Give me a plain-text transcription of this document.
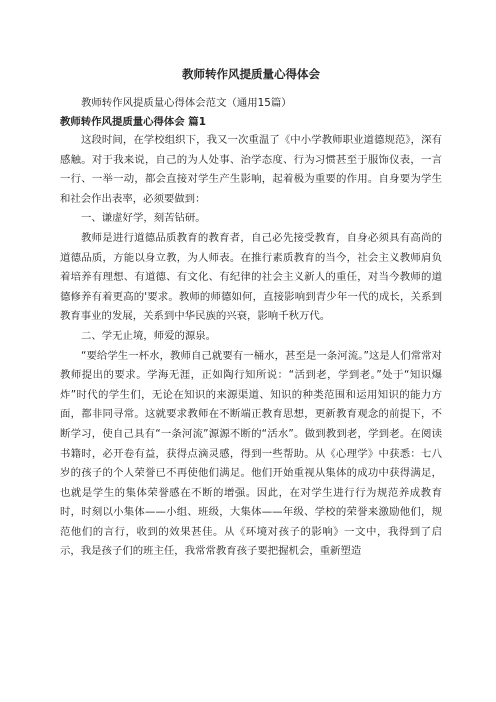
教师转作风提质量心得体会

教师转作风提质量心得体会范文（通用15篇）

教师转作风提质量心得体会 篇1

这段时间，在学校组织下，我又一次重温了《中小学教师职业道德规范》，深有感触。对于我来说，自己的为人处事、治学态度、行为习惯甚至于服饰仪表，一言一行、一举一动，都会直接对学生产生影响，起着极为重要的作用。自身要为学生和社会作出表率，必须要做到：

一、谦虚好学，刻苦钻研。

教师是进行道德品质教育的教育者，自己必先接受教育，自身必须具有高尚的道德品质，方能以身立教，为人师表。在推行素质教育的当今，社会主义教师肩负着培养有理想、有道德、有文化、有纪律的社会主义新人的重任，对当今教师的道德修养有着更高的'要求。教师的师德如何，直接影响到青少年一代的成长，关系到教育事业的发展，关系到中华民族的兴衰，影响千秋万代。

二、学无止境，师爱的源泉。

“要给学生一杯水，教师自己就要有一桶水，甚至是一条河流。”这是人们常常对教师提出的要求。学海无涯，正如陶行知所说：“活到老，学到老。”处于“知识爆炸”时代的学生们，无论在知识的来源渠道、知识的种类范围和运用知识的能力方面，都非同寻常。这就要求教师在不断端正教育思想，更新教育观念的前提下，不断学习，使自己具有“一条河流”源源不断的“活水”。做到教到老，学到老。在阅读书籍时，必开卷有益，获得点滴灵感，得到一些帮助。从《心理学》中获悉：七八岁的孩子的个人荣誉已不再使他们满足。他们开始重视从集体的成功中获得满足，也就是学生的集体荣誉感在不断的增强。因此，在对学生进行行为规范养成教育时，时刻以小集体——小组、班级，大集体——年级、学校的荣誉来激励他们，规范他们的言行，收到的效果甚佳。从《环境对孩子的影响》一文中，我得到了启示，我是孩子们的班主任，我常常教育孩子要把握机会，重新塑造
